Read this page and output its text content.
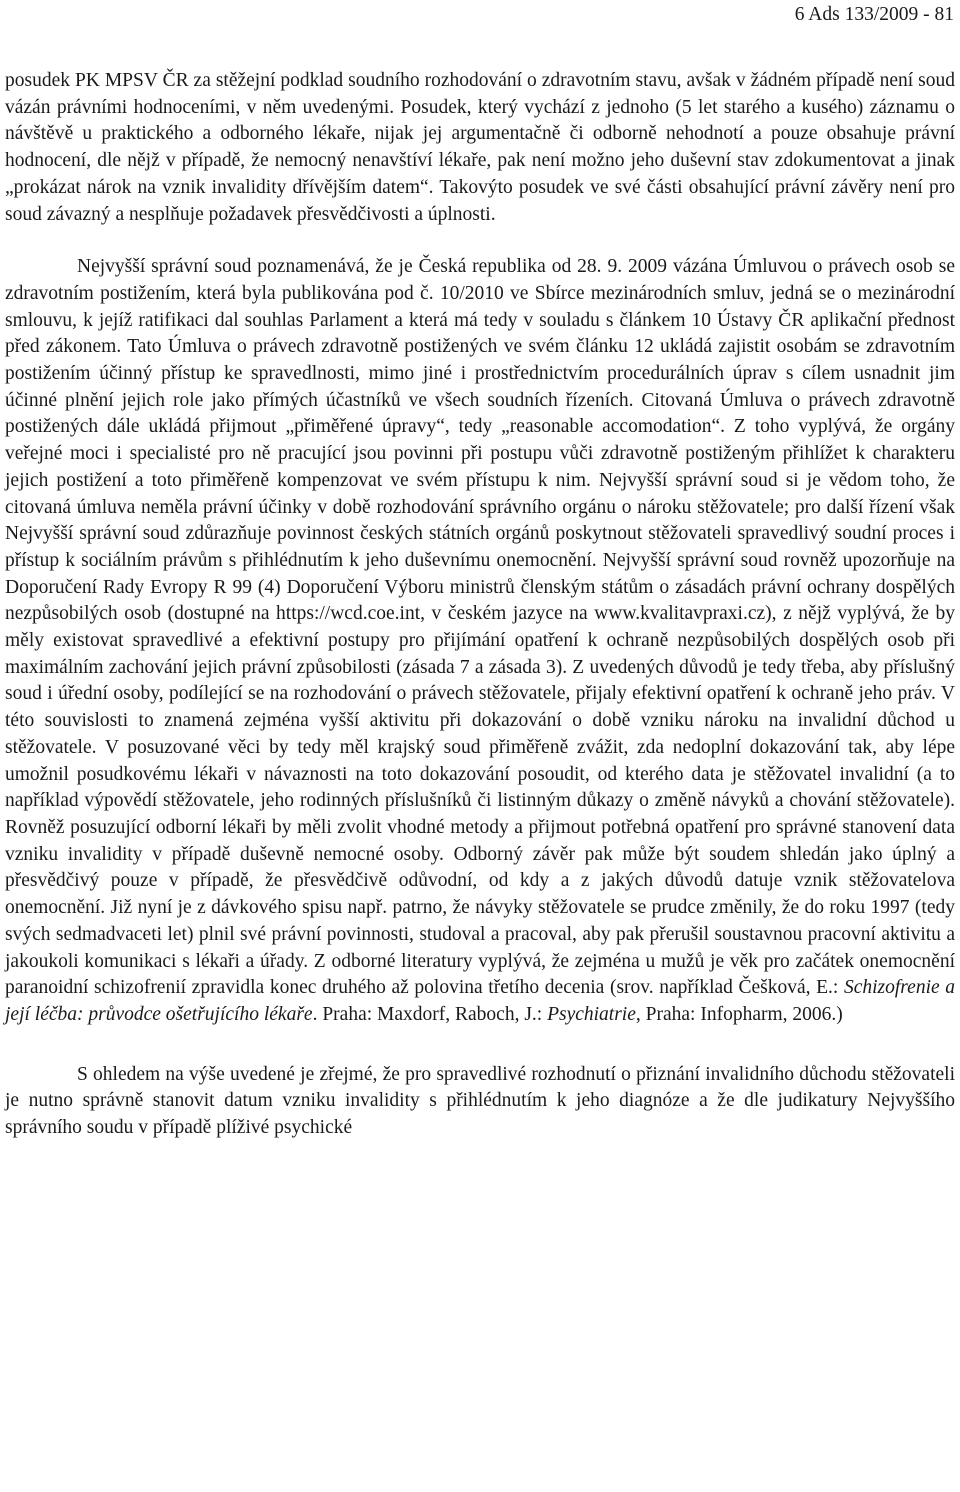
6 Ads 133/2009 - 81

posudek PK MPSV ČR za stěžejní podklad soudního rozhodování o zdravotním stavu, avšak v žádném případě není soud vázán právními hodnoceními, v něm uvedenými. Posudek, který vychází z jednoho (5 let starého a kusého) záznamu o návštěvě u praktického a odborného lékaře, nijak jej argumentačně či odborně nehodnotí a pouze obsahuje právní hodnocení, dle nějž v případě, že nemocný nenavštíví lékaře, pak není možno jeho duševní stav zdokumentovat a jinak „prokázat nárok na vznik invalidity dřívějším datem“. Takovýto posudek ve své části obsahující právní závěry není pro soud závazný a nesplňuje požadavek přesvědčivosti a úplnosti.

Nejvyšší správní soud poznamenává, že je Česká republika od 28. 9. 2009 vázána Úmluvou o právech osob se zdravotním postižením, která byla publikována pod č. 10/2010 ve Sbírce mezinárodních smluv, jedná se o mezinárodní smlouvu, k jejíž ratifikaci dal souhlas Parlament a která má tedy v souladu s článkem 10 Ústavy ČR aplikační přednost před zákonem. Tato Úmluva o právech zdravotně postižených ve svém článku 12 ukládá zajistit osobám se zdravotním postižením účinný přístup ke spravedlnosti, mimo jiné i prostřednictvím procedurálních úprav s cílem usnadnit jim účinné plnění jejich role jako přímých účastníků ve všech soudních řízeních. Citovaná Úmluva o právech zdravotně postižených dále ukládá přijmout „přiměřené úpravy“, tedy „reasonable accomodation“. Z toho vyplývá, že orgány veřejné moci i specialisté pro ně pracující jsou povinni při postupu vůči zdravotně postiženým přihlížet k charakteru jejich postižení a toto přiměřeně kompenzovat ve svém přístupu k nim. Nejvyšší správní soud si je vědom toho, že citovaná úmluva neměla právní účinky v době rozhodování správního orgánu o nároku stěžovatele; pro další řízení však Nejvyšší správní soud zdůrazňuje povinnost českých státních orgánů poskytnout stěžovateli spravedlivý soudní proces i přístup k sociálním právům s přihlédnutím k jeho duševnímu onemocnění. Nejvyšší správní soud rovněž upozorňuje na Doporučení Rady Evropy R 99 (4) Doporučení Výboru ministrů členským státům o zásadách právní ochrany dospělých nezpůsobilých osob (dostupné na https://wcd.coe.int, v českém jazyce na www.kvalitavpraxi.cz), z nějž vyplývá, že by měly existovat spravedlivé a efektivní postupy pro přijímání opatření k ochraně nezpůsobilých dospělých osob při maximálním zachování jejich právní způsobilosti (zásada 7 a zásada 3). Z uvedených důvodů je tedy třeba, aby příslušný soud i úřední osoby, podílející se na rozhodování o právech stěžovatele, přijaly efektivní opatření k ochraně jeho práv. V této souvislosti to znamená zejména vyšší aktivitu při dokazování o době vzniku nároku na invalidní důchod u stěžovatele. V posuzované věci by tedy měl krajský soud přiměřeně zvážit, zda nedoplní dokazování tak, aby lépe umožnil posudkovému lékaři v návaznosti na toto dokazování posoudit, od kterého data je stěžovatel invalidní (a to například výpovědí stěžovatele, jeho rodinných příslušníků či listinným důkazy o změně návyků a chování stěžovatele). Rovněž posuzující odborní lékaři by měli zvolit vhodné metody a přijmout potřebná opatření pro správné stanovení data vzniku invalidity v případě duševně nemocné osoby. Odborný závěr pak může být soudem shledán jako úplný a přesvědčivý pouze v případě, že přesvědčivě odůvodní, od kdy a z jakých důvodů datuje vznik stěžovatelova onemocnění. Již nyní je z dávkového spisu např. patrno, že návyky stěžovatele se prudce změnily, že do roku 1997 (tedy svých sedmadvaceti let) plnil své právní povinnosti, studoval a pracoval, aby pak přerušil soustavnou pracovní aktivitu a jakoukoli komunikaci s lékaři a úřady. Z odborné literatury vyplývá, že zejména u mužů je věk pro začátek onemocnění paranoidní schizofrenií zpravidla konec druhého až polovina třetího decenia (srov. například Češková, E.: Schizofrenie a její léčba: průvodce ošetřujícího lékaře. Praha: Maxdorf, Raboch, J.: Psychiatrie, Praha: Infopharm, 2006.)

S ohledem na výše uvedené je zřejmé, že pro spravedlivé rozhodnutí o přiznání invalidního důchodu stěžovateli je nutno správně stanovit datum vzniku invalidity s přihlédnutím k jeho diagnóze a že dle judikatury Nejvyššího správního soudu v případě plíživé psychické
